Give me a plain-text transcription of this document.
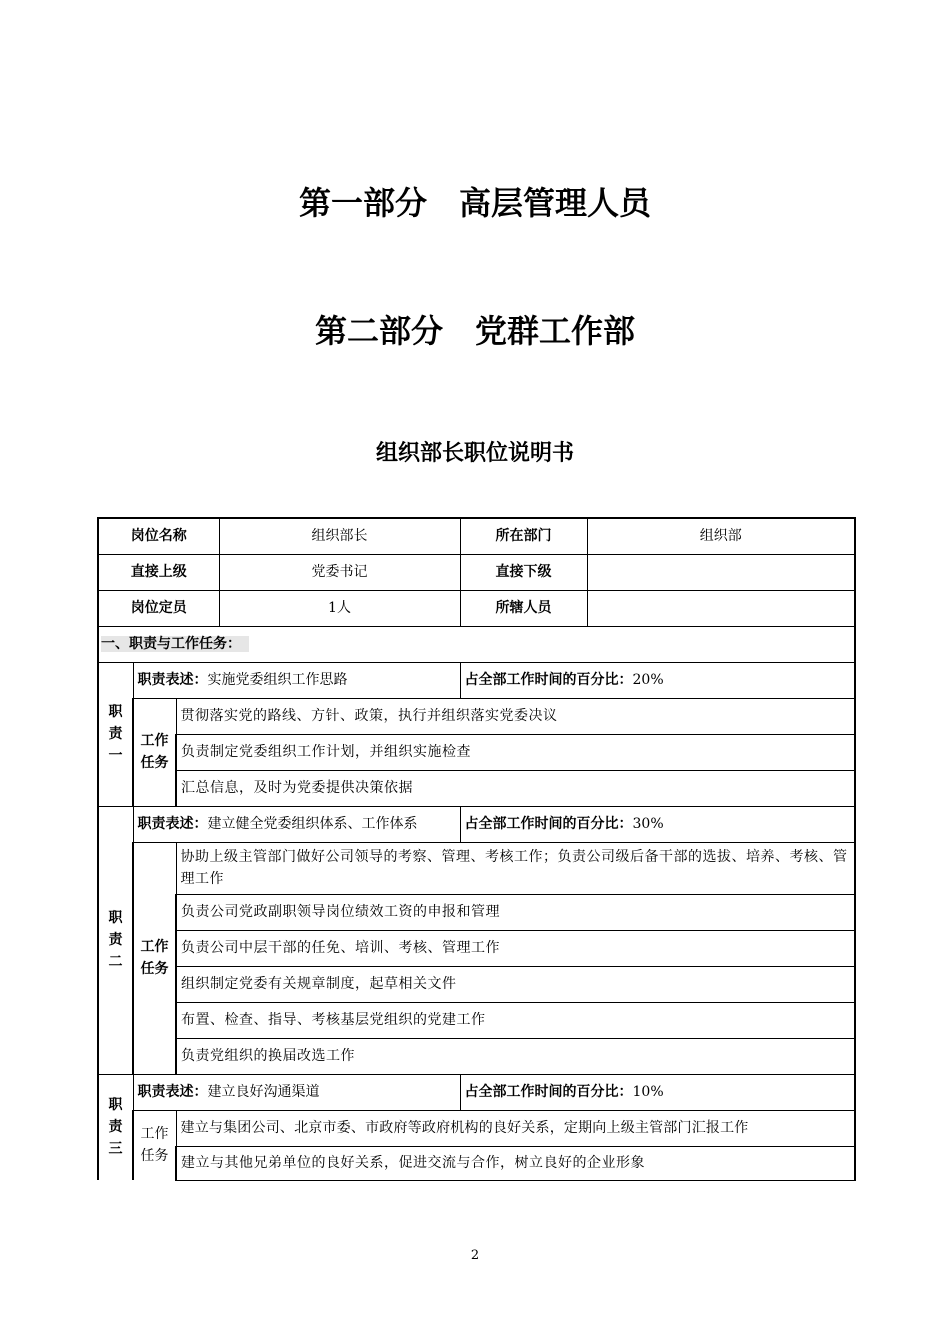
第一部分　高层管理人员
第二部分　党群工作部
组织部长职位说明书
岗位名称			组织部长	所在部门	组织部
直接上级			党委书记	直接下级	
岗位定员			1人	所辖人员	
一、职责与工作任务：					
职责一	职责表述：实施党委组织工作思路			占全部工作时间的百分比：20%	
	工作任务	贯彻落实党的路线、方针、政策，执行并组织落实党委决议			
		负责制定党委组织工作计划，并组织实施检查			
		汇总信息，及时为党委提供决策依据			
职责二	职责表述：建立健全党委组织体系、工作体系			占全部工作时间的百分比：30%	
	工作任务	协助上级主管部门做好公司领导的考察、管理、考核工作；负责公司级后备干部的选拔、培养、考核、管理工作			
		负责公司党政副职领导岗位绩效工资的申报和管理			
		负责公司中层干部的任免、培训、考核、管理工作			
		组织制定党委有关规章制度，起草相关文件			
		布置、检查、指导、考核基层党组织的党建工作			
		负责党组织的换届改选工作			
职责三	职责表述：建立良好沟通渠道			占全部工作时间的百分比：10%	
	工作任务	建立与集团公司、北京市委、市政府等政府机构的良好关系，定期向上级主管部门汇报工作			
		建立与其他兄弟单位的良好关系，促进交流与合作，树立良好的企业形象			
2
